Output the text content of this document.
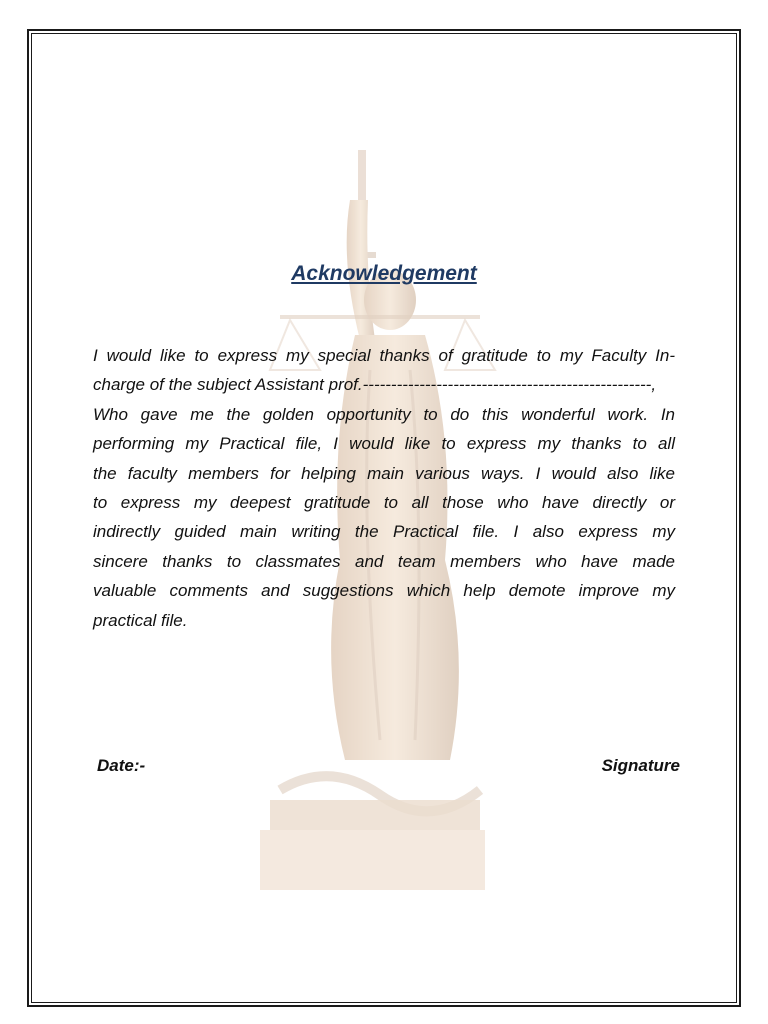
Acknowledgement
I would like to express my special thanks of gratitude to my Faculty In-
charge of the subject Assistant prof.---------------------------------------------------,
Who gave me the golden opportunity to do this wonderful work. In
performing my Practical file, I would like to express my thanks to all
the faculty members for helping main various ways. I would also like
to express my deepest gratitude to all those who have directly or
indirectly guided main writing the Practical file. I also express my
sincere thanks to classmates and team members who have made
valuable comments and suggestions which help demote improve my
practical file.
Date:-	Signature
